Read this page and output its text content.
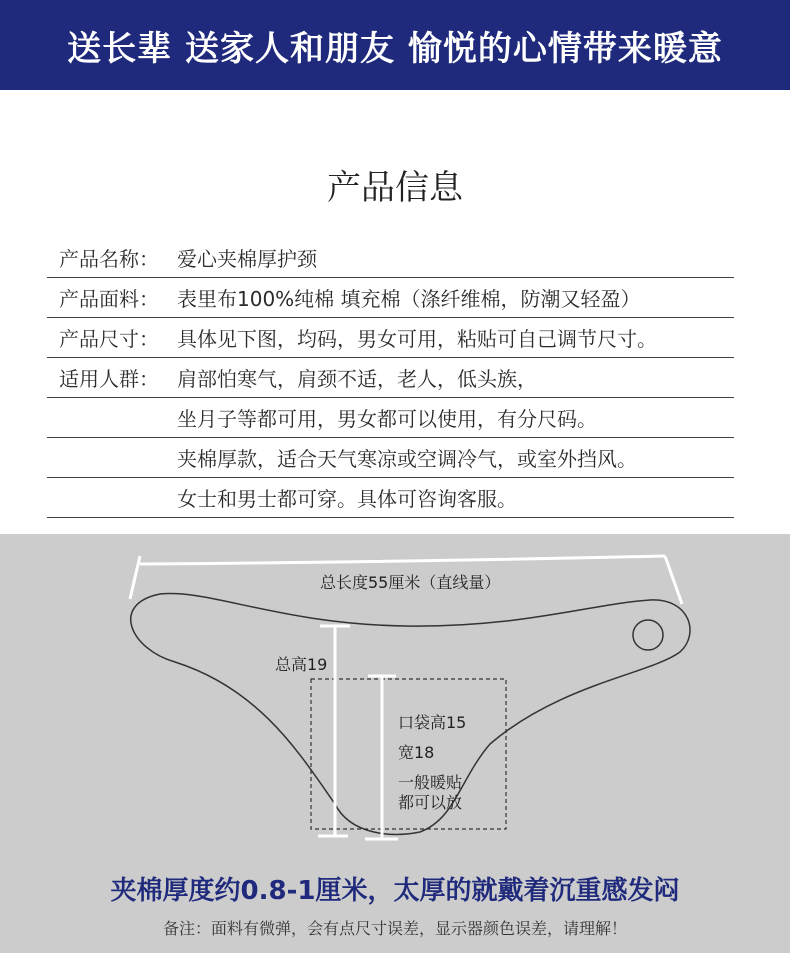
送长辈 送家人和朋友 愉悦的心情带来暖意
产品信息
产品名称： 爱心夹棉厚护颈
产品面料： 表里布100%纯棉 填充棉（涤纤维棉，防潮又轻盈）
产品尺寸： 具体见下图，均码，男女可用，粘贴可自己调节尺寸。
适用人群： 肩部怕寒气，肩颈不适，老人，低头族，
坐月子等都可用，男女都可以使用，有分尺码。
夹棉厚款，适合天气寒凉或空调冷气，或室外挡风。
女士和男士都可穿。具体可咨询客服。
总长度55厘米（直线量）
总高19
口袋高15
宽18
一般暖贴
都可以放
夹棉厚度约0.8-1厘米，太厚的就戴着沉重感发闷
备注：面料有微弹，会有点尺寸误差，显示器颜色误差，请理解！
